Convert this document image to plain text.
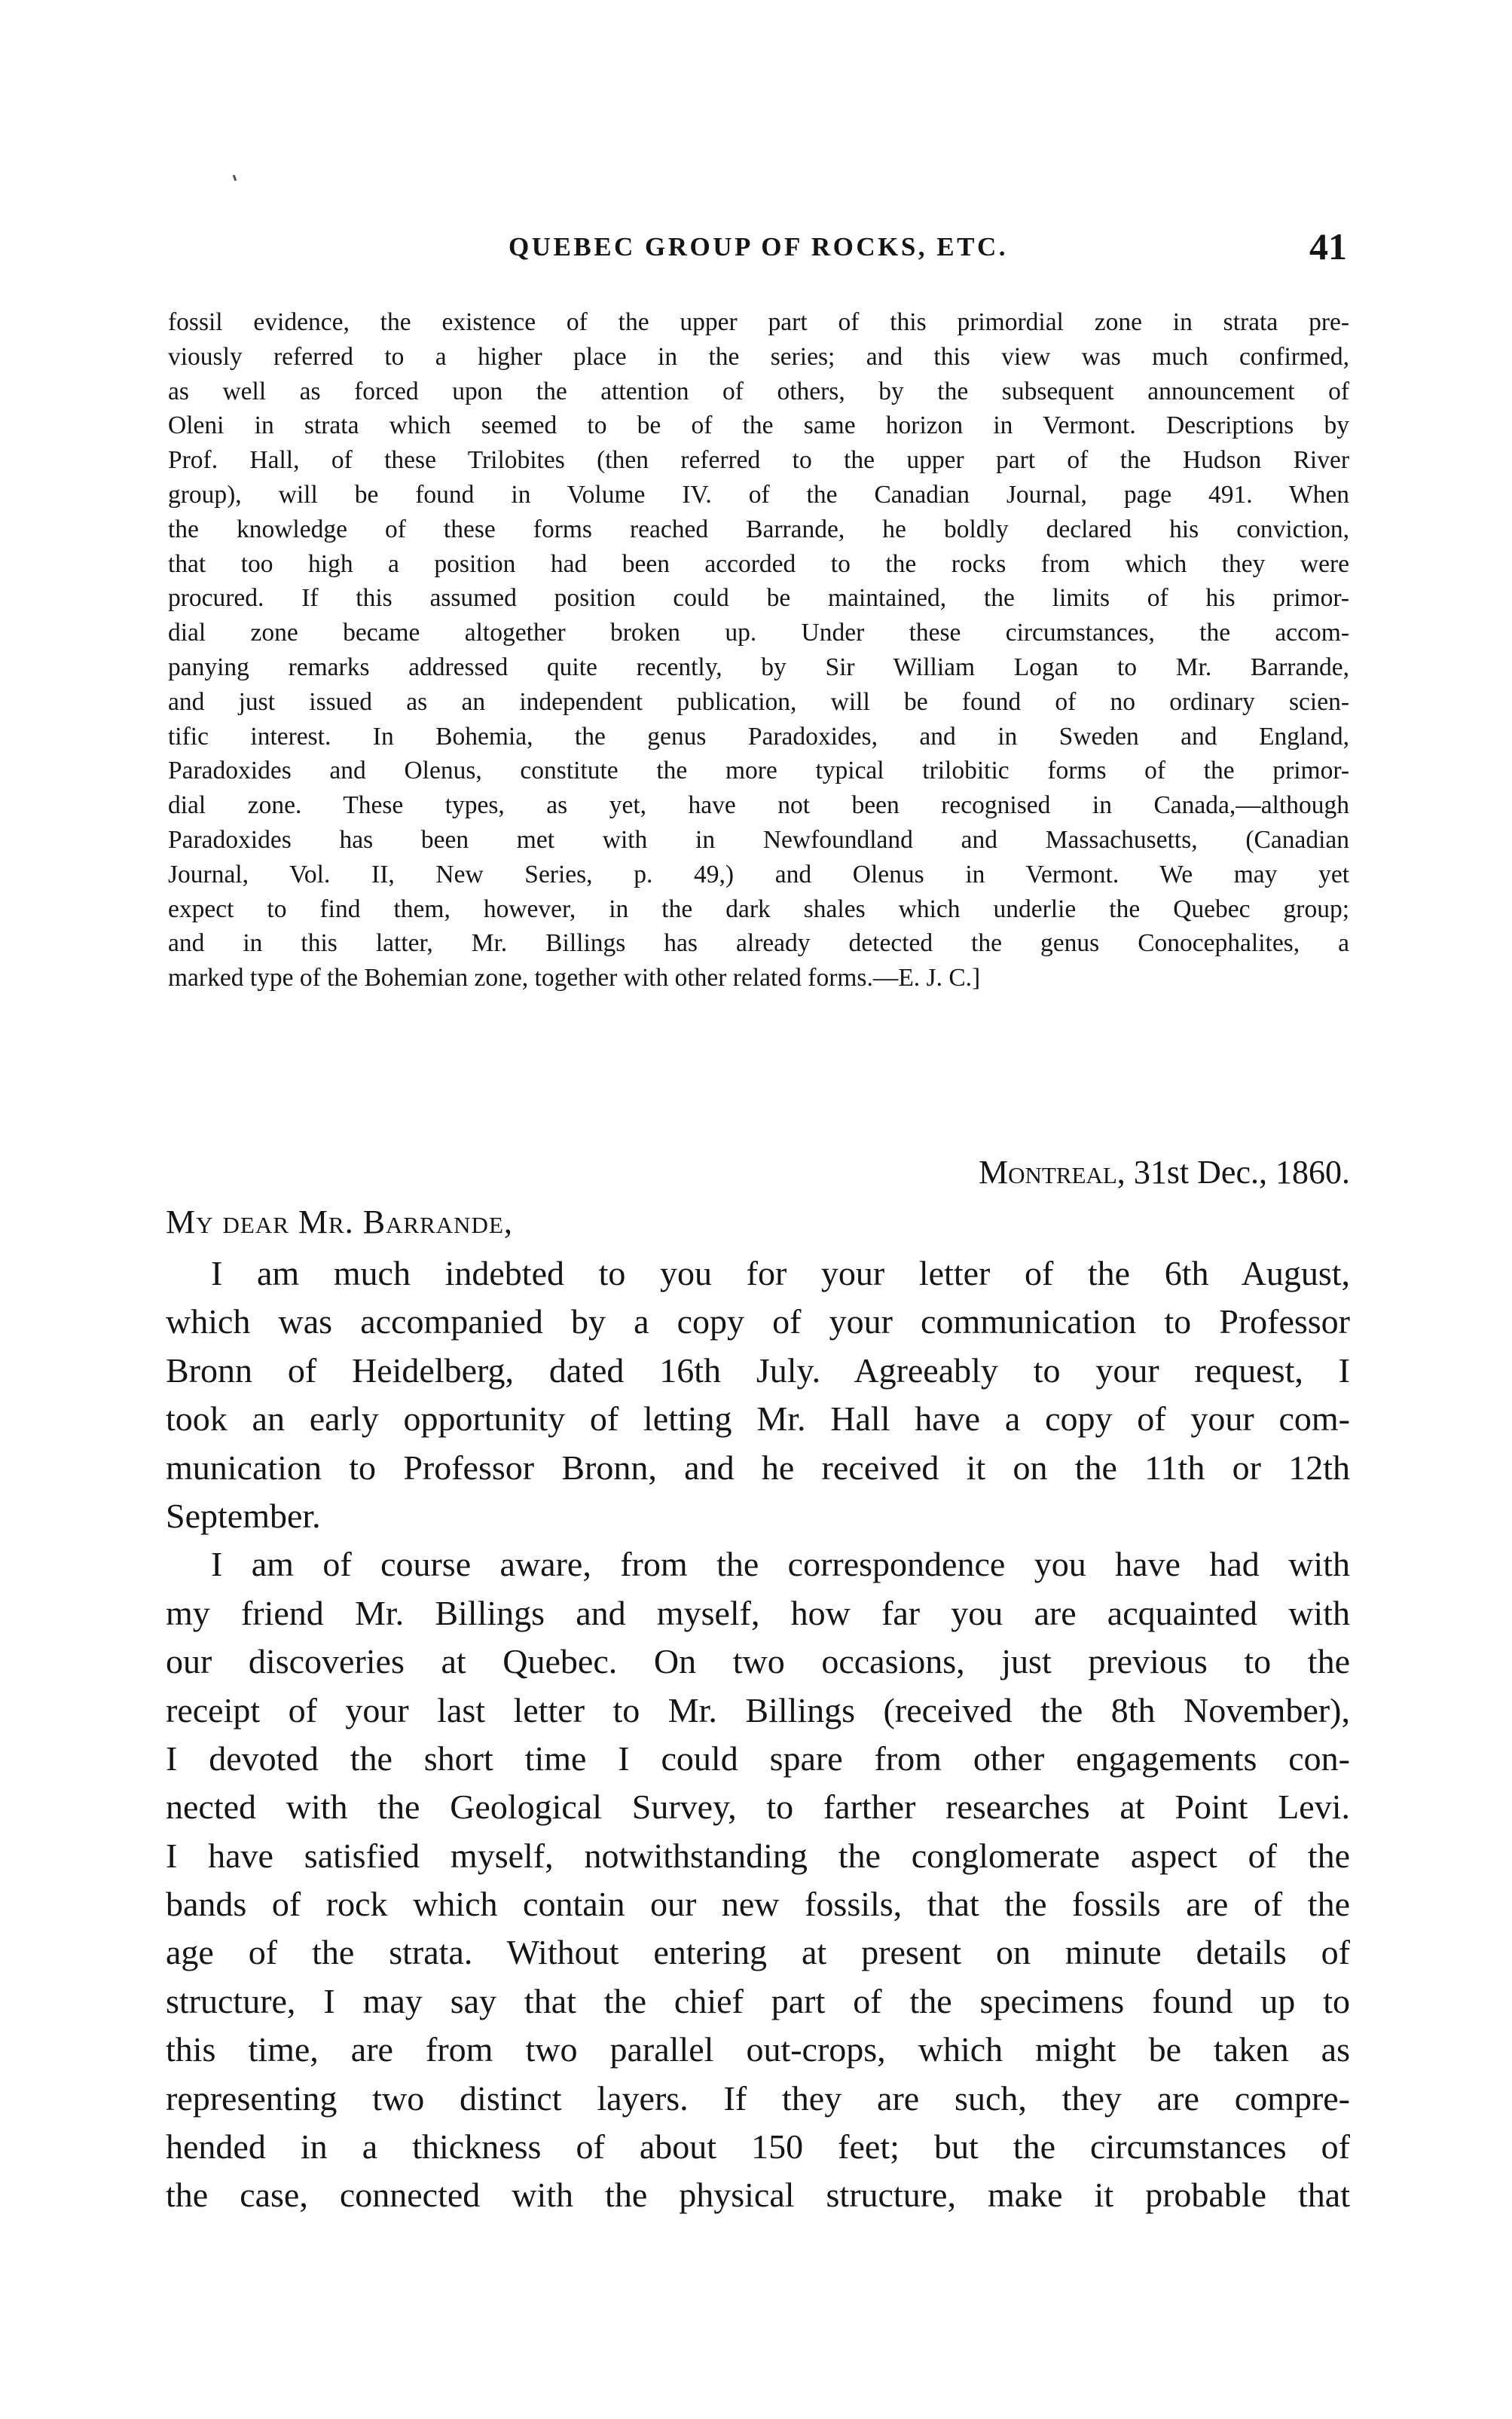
QUEBEC GROUP OF ROCKS, ETC.	41
fossil evidence, the existence of the upper part of this primordial zone in strata pre-
viously referred to a higher place in the series; and this view was much confirmed,
as well as forced upon the attention of others, by the subsequent announcement of
Oleni in strata which seemed to be of the same horizon in Vermont. Descriptions by
Prof. Hall, of these Trilobites (then referred to the upper part of the Hudson River
group), will be found in Volume IV. of the Canadian Journal, page 491. When
the knowledge of these forms reached Barrande, he boldly declared his conviction,
that too high a position had been accorded to the rocks from which they were
procured. If this assumed position could be maintained, the limits of his primor-
dial zone became altogether broken up. Under these circumstances, the accom-
panying remarks addressed quite recently, by Sir William Logan to Mr. Barrande,
and just issued as an independent publication, will be found of no ordinary scien-
tific interest. In Bohemia, the genus Paradoxides, and in Sweden and England,
Paradoxides and Olenus, constitute the more typical trilobitic forms of the primor-
dial zone. These types, as yet, have not been recognised in Canada,—although
Paradoxides has been met with in Newfoundland and Massachusetts, (Canadian
Journal, Vol. II, New Series, p. 49,) and Olenus in Vermont. We may yet
expect to find them, however, in the dark shales which underlie the Quebec group;
and in this latter, Mr. Billings has already detected the genus Conocephalites, a
marked type of the Bohemian zone, together with other related forms.—E. J. C.]
Montreal, 31st Dec., 1860.
My dear Mr. Barrande,
I am much indebted to you for your letter of the 6th August,
which was accompanied by a copy of your communication to Professor
Bronn of Heidelberg, dated 16th July. Agreeably to your request, I
took an early opportunity of letting Mr. Hall have a copy of your com-
munication to Professor Bronn, and he received it on the 11th or 12th
September.
I am of course aware, from the correspondence you have had with
my friend Mr. Billings and myself, how far you are acquainted with
our discoveries at Quebec. On two occasions, just previous to the
receipt of your last letter to Mr. Billings (received the 8th November),
I devoted the short time I could spare from other engagements con-
nected with the Geological Survey, to farther researches at Point Levi.
I have satisfied myself, notwithstanding the conglomerate aspect of the
bands of rock which contain our new fossils, that the fossils are of the
age of the strata. Without entering at present on minute details of
structure, I may say that the chief part of the specimens found up to
this time, are from two parallel out-crops, which might be taken as
representing two distinct layers. If they are such, they are compre-
hended in a thickness of about 150 feet; but the circumstances of
the case, connected with the physical structure, make it probable that
